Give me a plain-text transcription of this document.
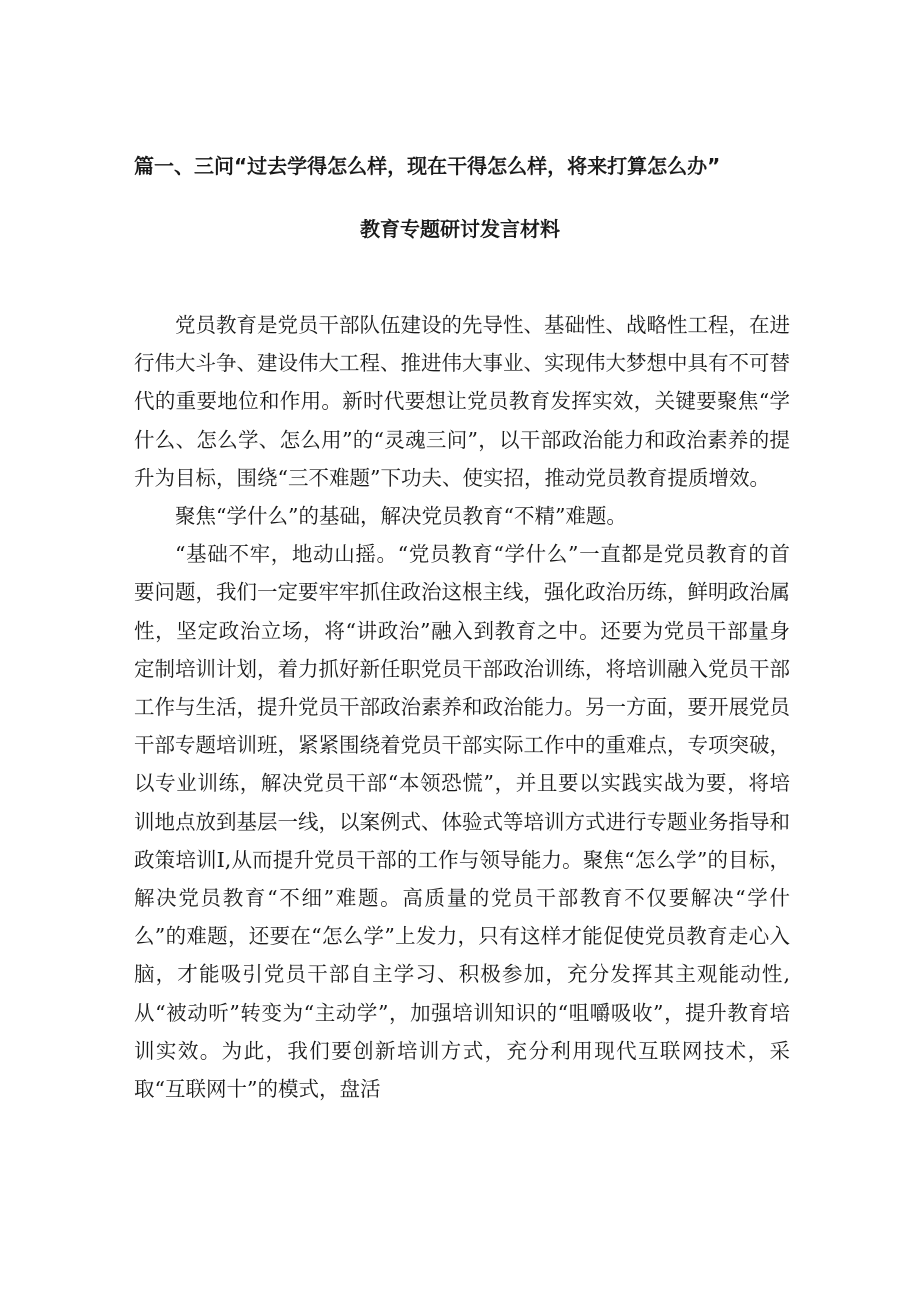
篇一、三问“过去学得怎么样，现在干得怎么样，将来打算怎么办”
教育专题研讨发言材料

党员教育是党员干部队伍建设的先导性、基础性、战略性工程，在进行伟大斗争、建设伟大工程、推进伟大事业、实现伟大梦想中具有不可替代的重要地位和作用。新时代要想让党员教育发挥实效，关键要聚焦“学什么、怎么学、怎么用”的“灵魂三问”，以干部政治能力和政治素养的提升为目标，围绕“三不难题”下功夫、使实招，推动党员教育提质增效。

聚焦“学什么”的基础，解决党员教育“不精”难题。

“基础不牢，地动山摇。“党员教育“学什么”一直都是党员教育的首要问题，我们一定要牢牢抓住政治这根主线，强化政治历练，鲜明政治属性，坚定政治立场，将“讲政治”融入到教育之中。还要为党员干部量身定制培训计划，着力抓好新任职党员干部政治训练，将培训融入党员干部工作与生活，提升党员干部政治素养和政治能力。另一方面，要开展党员干部专题培训班，紧紧围绕着党员干部实际工作中的重难点，专项突破，以专业训练，解决党员干部“本领恐慌”，并且要以实践实战为要，将培训地点放到基层一线，以案例式、体验式等培训方式进行专题业务指导和政策培训I,从而提升党员干部的工作与领导能力。聚焦“怎么学”的目标，解决党员教育“不细”难题。高质量的党员干部教育不仅要解决“学什么”的难题，还要在“怎么学”上发力，只有这样才能促使党员教育走心入脑，才能吸引党员干部自主学习、积极参加，充分发挥其主观能动性,从“被动听”转变为“主动学”，加强培训知识的“咀嚼吸收”，提升教育培训实效。为此，我们要创新培训方式，充分利用现代互联网技术，采取“互联网十”的模式，盘活
